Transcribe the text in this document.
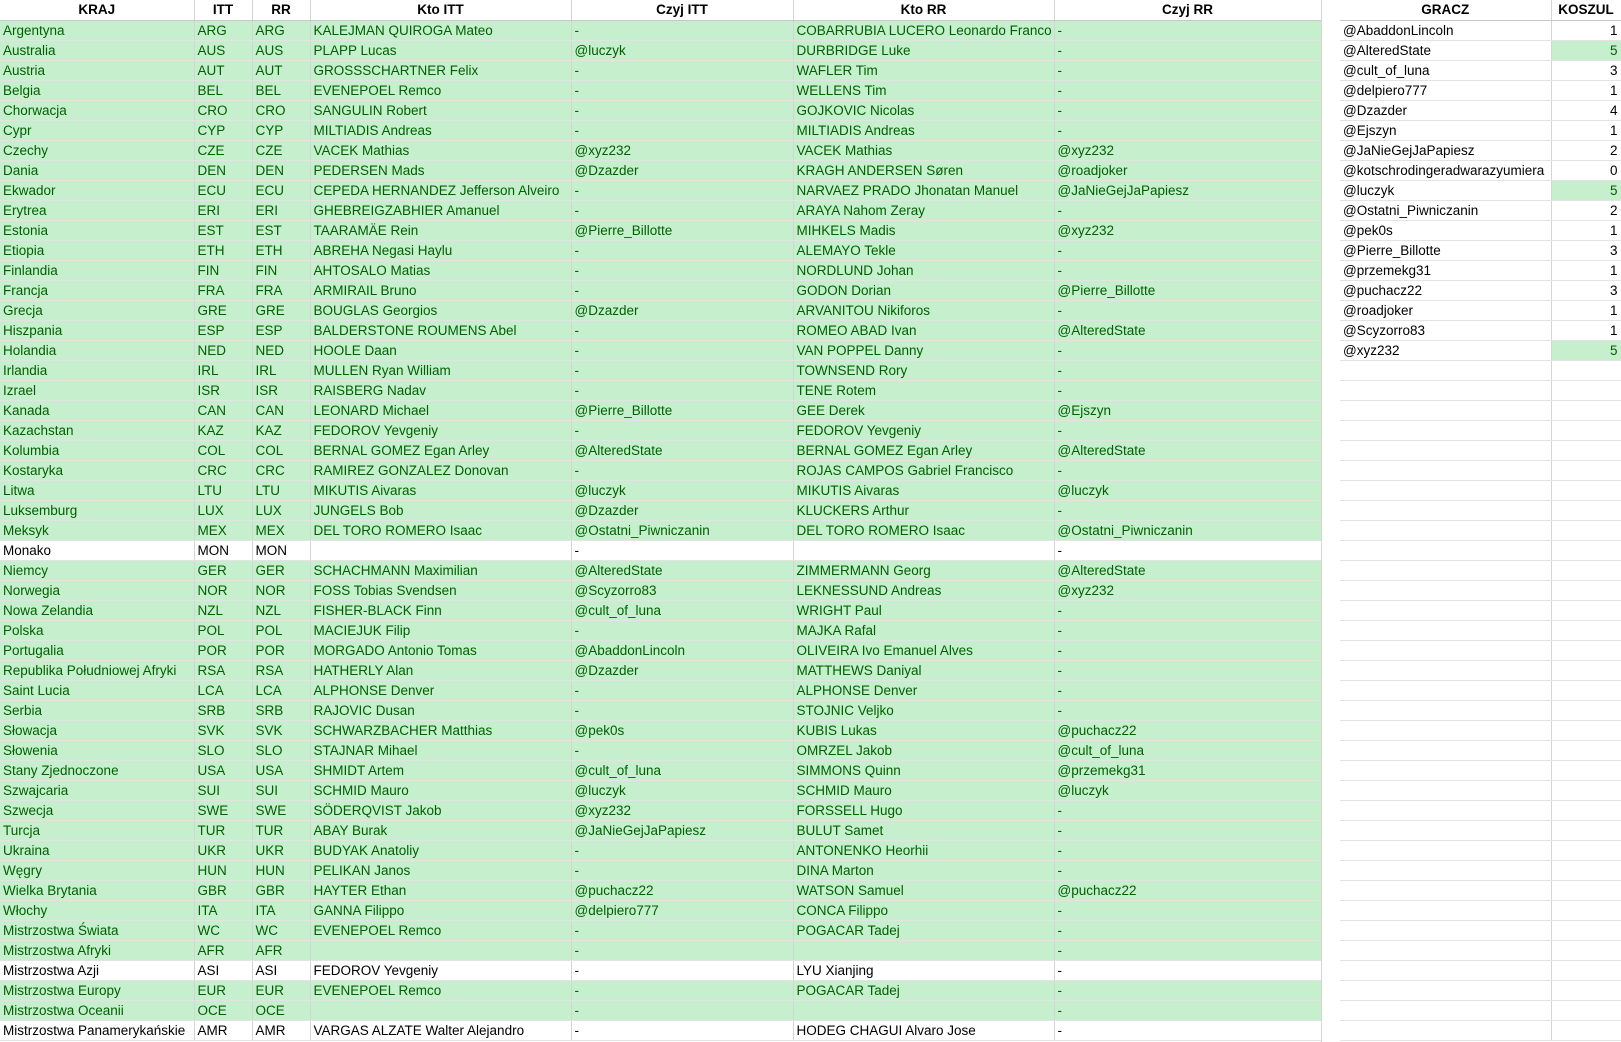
KRAJ	ITT	RR	Kto ITT	Czyj ITT	Kto RR	Czyj RR
Argentyna	ARG	ARG	KALEJMAN QUIROGA Mateo	-	COBARRUBIA LUCERO Leonardo Franco	-
Australia	AUS	AUS	PLAPP Lucas	@luczyk	DURBRIDGE Luke	-
Austria	AUT	AUT	GROSSSCHARTNER Felix	-	WAFLER Tim	-
Belgia	BEL	BEL	EVENEPOEL Remco	-	WELLENS Tim	-
Chorwacja	CRO	CRO	SANGULIN Robert	-	GOJKOVIC Nicolas	-
Cypr	CYP	CYP	MILTIADIS Andreas	-	MILTIADIS Andreas	-
Czechy	CZE	CZE	VACEK Mathias	@xyz232	VACEK Mathias	@xyz232
Dania	DEN	DEN	PEDERSEN Mads	@Dzazder	KRAGH ANDERSEN Søren	@roadjoker
Ekwador	ECU	ECU	CEPEDA HERNANDEZ Jefferson Alveiro	-	NARVAEZ PRADO Jhonatan Manuel	@JaNieGejJaPapiesz
Erytrea	ERI	ERI	GHEBREIGZABHIER Amanuel	-	ARAYA Nahom Zeray	-
Estonia	EST	EST	TAARAMÄE Rein	@Pierre_Billotte	MIHKELS Madis	@xyz232
Etiopia	ETH	ETH	ABREHA Negasi Haylu	-	ALEMAYO Tekle	-
Finlandia	FIN	FIN	AHTOSALO Matias	-	NORDLUND Johan	-
Francja	FRA	FRA	ARMIRAIL Bruno	-	GODON Dorian	@Pierre_Billotte
Grecja	GRE	GRE	BOUGLAS Georgios	@Dzazder	ARVANITOU Nikiforos	-
Hiszpania	ESP	ESP	BALDERSTONE ROUMENS Abel	-	ROMEO ABAD Ivan	@AlteredState
Holandia	NED	NED	HOOLE Daan	-	VAN POPPEL Danny	-
Irlandia	IRL	IRL	MULLEN Ryan William	-	TOWNSEND Rory	-
Izrael	ISR	ISR	RAISBERG Nadav	-	TENE Rotem	-
Kanada	CAN	CAN	LEONARD Michael	@Pierre_Billotte	GEE Derek	@Ejszyn
Kazachstan	KAZ	KAZ	FEDOROV Yevgeniy	-	FEDOROV Yevgeniy	-
Kolumbia	COL	COL	BERNAL GOMEZ Egan Arley	@AlteredState	BERNAL GOMEZ Egan Arley	@AlteredState
Kostaryka	CRC	CRC	RAMIREZ GONZALEZ Donovan	-	ROJAS CAMPOS Gabriel Francisco	-
Litwa	LTU	LTU	MIKUTIS Aivaras	@luczyk	MIKUTIS Aivaras	@luczyk
Luksemburg	LUX	LUX	JUNGELS Bob	@Dzazder	KLUCKERS Arthur	-
Meksyk	MEX	MEX	DEL TORO ROMERO Isaac	@Ostatni_Piwniczanin	DEL TORO ROMERO Isaac	@Ostatni_Piwniczanin
Monako	MON	MON		-		-
Niemcy	GER	GER	SCHACHMANN Maximilian	@AlteredState	ZIMMERMANN Georg	@AlteredState
Norwegia	NOR	NOR	FOSS Tobias Svendsen	@Scyzorro83	LEKNESSUND Andreas	@xyz232
Nowa Zelandia	NZL	NZL	FISHER-BLACK Finn	@cult_of_luna	WRIGHT Paul	-
Polska	POL	POL	MACIEJUK Filip	-	MAJKA Rafal	-
Portugalia	POR	POR	MORGADO Antonio Tomas	@AbaddonLincoln	OLIVEIRA Ivo Emanuel Alves	-
Republika Południowej Afryki	RSA	RSA	HATHERLY Alan	@Dzazder	MATTHEWS Daniyal	-
Saint Lucia	LCA	LCA	ALPHONSE Denver	-	ALPHONSE Denver	-
Serbia	SRB	SRB	RAJOVIC Dusan	-	STOJNIC Veljko	-
Słowacja	SVK	SVK	SCHWARZBACHER Matthias	@pek0s	KUBIS Lukas	@puchacz22
Słowenia	SLO	SLO	STAJNAR Mihael	-	OMRZEL Jakob	@cult_of_luna
Stany Zjednoczone	USA	USA	SHMIDT Artem	@cult_of_luna	SIMMONS Quinn	@przemekg31
Szwajcaria	SUI	SUI	SCHMID Mauro	@luczyk	SCHMID Mauro	@luczyk
Szwecja	SWE	SWE	SÖDERQVIST Jakob	@xyz232	FORSSELL Hugo	-
Turcja	TUR	TUR	ABAY Burak	@JaNieGejJaPapiesz	BULUT Samet	-
Ukraina	UKR	UKR	BUDYAK Anatoliy	-	ANTONENKO Heorhii	-
Węgry	HUN	HUN	PELIKAN Janos	-	DINA Marton	-
Wielka Brytania	GBR	GBR	HAYTER Ethan	@puchacz22	WATSON Samuel	@puchacz22
Włochy	ITA	ITA	GANNA Filippo	@delpiero777	CONCA Filippo	-
Mistrzostwa Świata	WC	WC	EVENEPOEL Remco	-	POGACAR Tadej	-
Mistrzostwa Afryki	AFR	AFR		-		-
Mistrzostwa Azji	ASI	ASI	FEDOROV Yevgeniy	-	LYU Xianjing	-
Mistrzostwa Europy	EUR	EUR	EVENEPOEL Remco	-	POGACAR Tadej	-
Mistrzostwa Oceanii	OCE	OCE		-		-
Mistrzostwa Panamerykańskie	AMR	AMR	VARGAS ALZATE Walter Alejandro	-	HODEG CHAGUI Alvaro Jose	-
GRACZ	KOSZUL
@AbaddonLincoln	1
@AlteredState	5
@cult_of_luna	3
@delpiero777	1
@Dzazder	4
@Ejszyn	1
@JaNieGejJaPapiesz	2
@kotschrodingeradwarazyumiera	0
@luczyk	5
@Ostatni_Piwniczanin	2
@pek0s	1
@Pierre_Billotte	3
@przemekg31	1
@puchacz22	3
@roadjoker	1
@Scyzorro83	1
@xyz232	5
